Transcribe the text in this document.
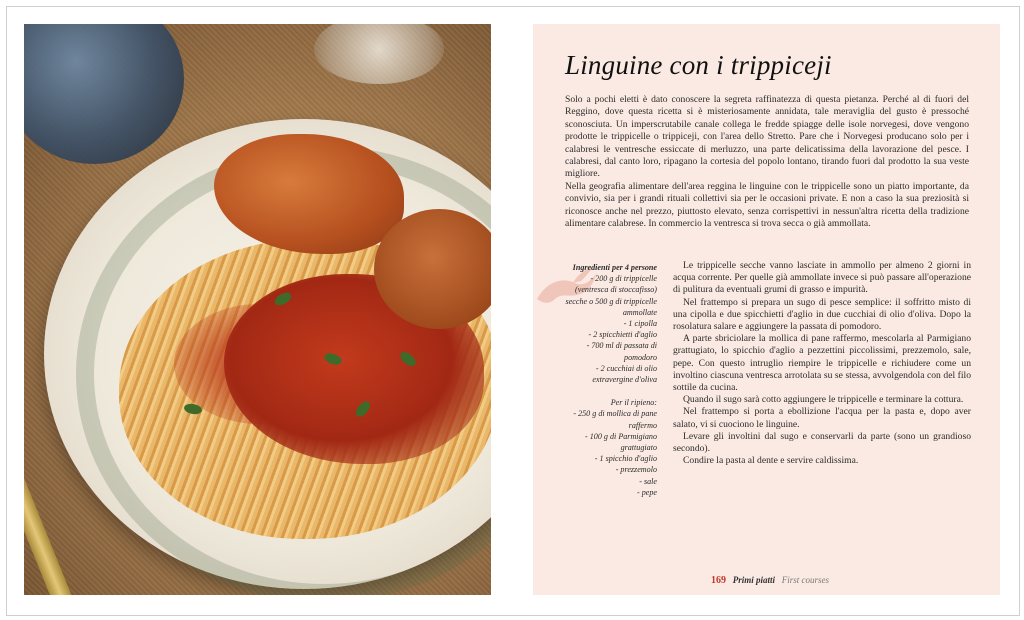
Linguine con i trippiceji

Solo a pochi eletti è dato conoscere la segreta raffinatezza di questa pietanza. Perché al di fuori del Reggino, dove questa ricetta si è misteriosamente annidata, tale meraviglia del gusto è pressoché sconosciuta. Un imperscrutabile canale collega le fredde spiagge delle isole norvegesi, dove vengono prodotte le trippicelle o trippiceji, con l'area dello Stretto. Pare che i Norvegesi producano solo per i calabresi le ventresche essiccate di merluzzo, una parte delicatissima della lavorazione del pesce. I calabresi, dal canto loro, ripagano la cortesia del popolo lontano, tirando fuori dal prodotto la sua veste migliore.

Nella geografia alimentare dell'area reggina le linguine con le trippicelle sono un piatto importante, da convivio, sia per i grandi rituali collettivi sia per le occasioni private. E non a caso la sua preziosità si riconosce anche nel prezzo, piuttosto elevato, senza corrispettivi in nessun'altra ricetta della tradizione alimentare calabrese. In commercio la ventresca si trova secca o già ammollata.

Ingredienti per 4 persone
- 200 g di trippicelle (ventresca di stoccafisso) secche o 500 g di trippicelle ammollate
- 1 cipolla
- 2 spicchietti d'aglio
- 700 ml di passata di pomodoro
- 2 cucchiai di olio extravergine d'oliva
Per il ripieno:
- 250 g di mollica di pane raffermo
- 100 g di Parmigiano grattugiato
- 1 spicchio d'aglio
- prezzemolo
- sale
- pepe

Le trippicelle secche vanno lasciate in ammollo per almeno 2 giorni in acqua corrente. Per quelle già ammollate invece si può passare all'operazione di pulitura da eventuali grumi di grasso e impurità.

Nel frattempo si prepara un sugo di pesce semplice: il soffritto misto di una cipolla e due spicchietti d'aglio in due cucchiai di olio d'oliva. Dopo la rosolatura salare e aggiungere la passata di pomodoro.

A parte sbriciolare la mollica di pane raffermo, mescolarla al Parmigiano grattugiato, lo spicchio d'aglio a pezzettini piccolissimi, prezzemolo, sale, pepe. Con questo intruglio riempire le trippicelle e richiudere come un involtino ciascuna ventresca arrotolata su se stessa, avvolgendola con del filo sottile da cucina.

Quando il sugo sarà cotto aggiungere le trippicelle e terminare la cottura.

Nel frattempo si porta a ebollizione l'acqua per la pasta e, dopo aver salato, vi si cuociono le linguine.

Levare gli involtini dal sugo e conservarli da parte (sono un grandioso secondo).

Condire la pasta al dente e servire caldissima.

169 Primi piatti First courses
